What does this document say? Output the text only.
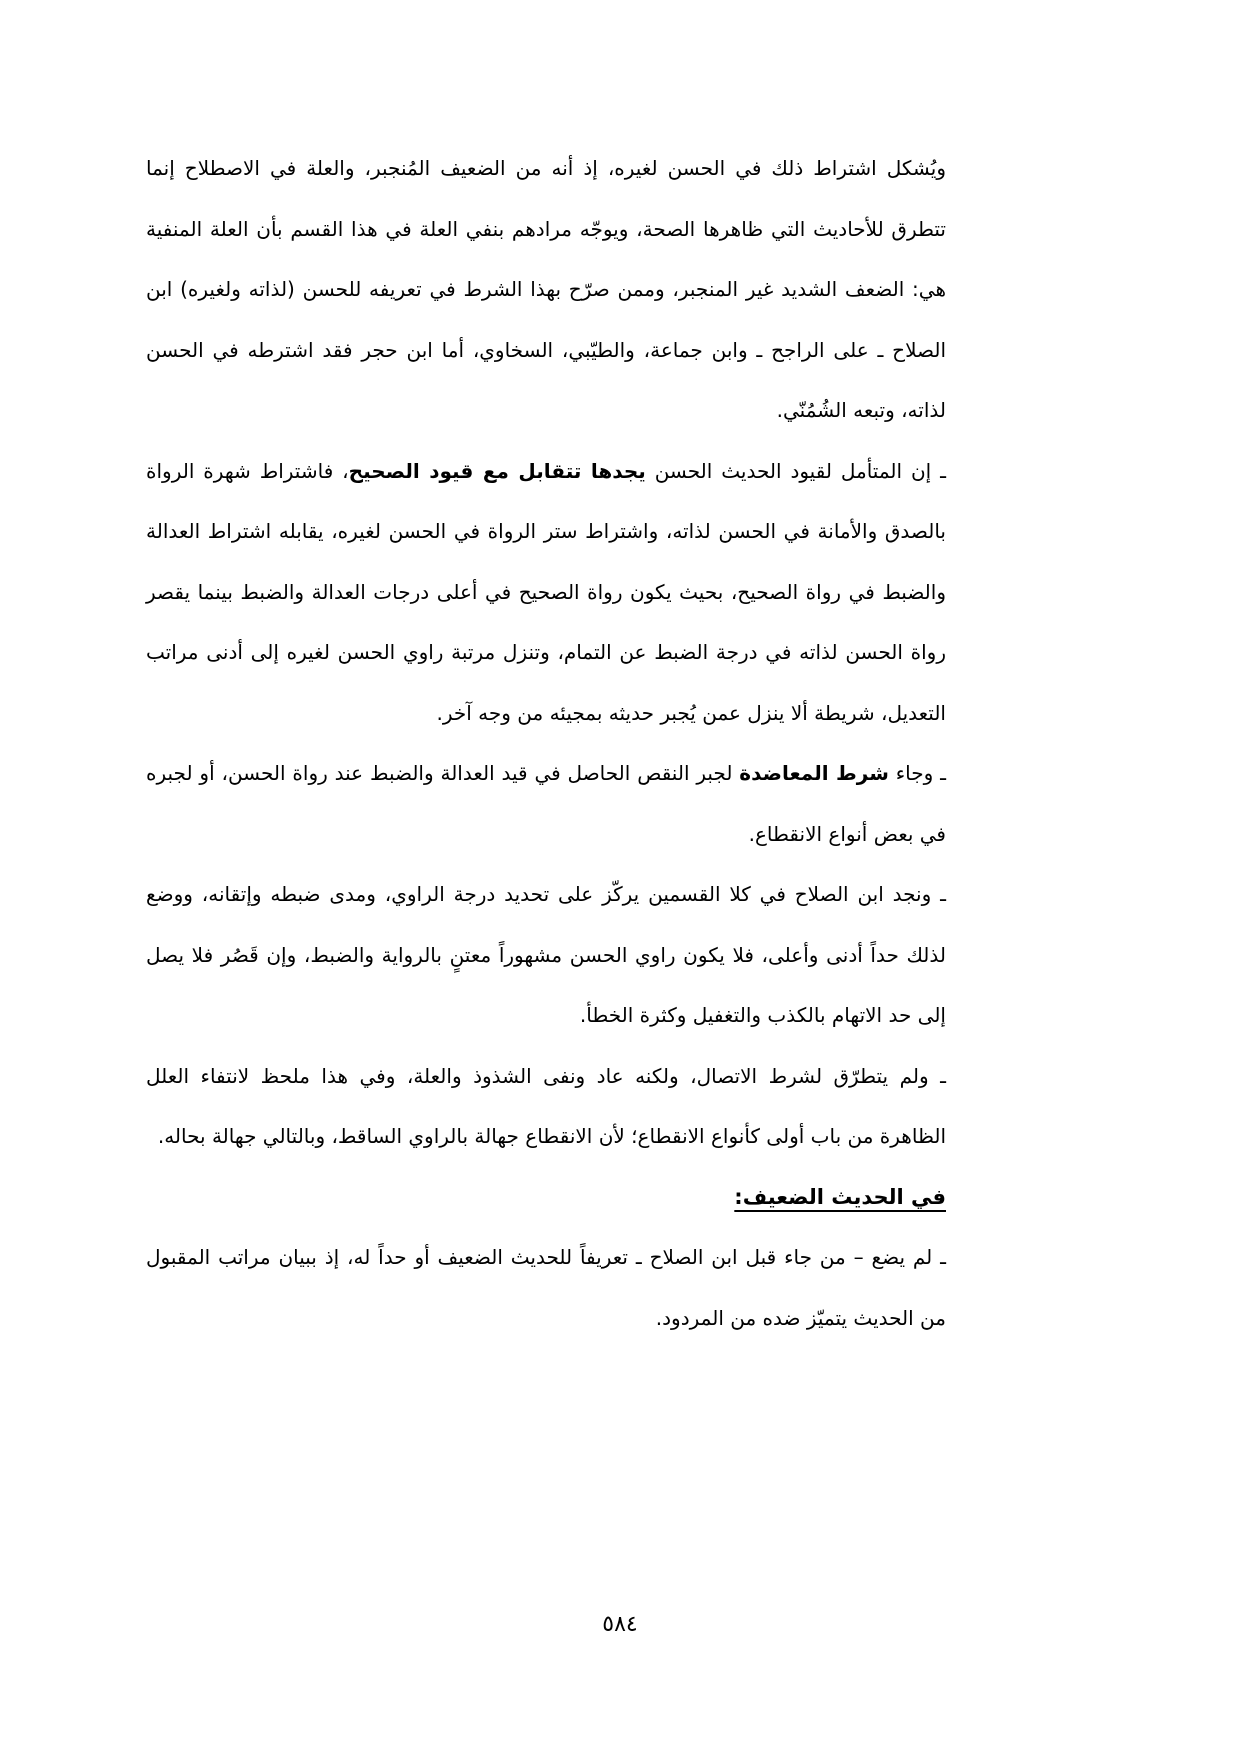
ويُشكل اشتراط ذلك في الحسن لغيره، إذ أنه من الضعيف المُنجبر، والعلة في الاصطلاح إنما تتطرق للأحاديث التي ظاهرها الصحة، ويوجّه مرادهم بنفي العلة في هذا القسم بأن العلة المنفية هي: الضعف الشديد غير المنجبر، وممن صرّح بهذا الشرط في تعريفه للحسن (لذاته ولغيره) ابن الصلاح ـ على الراجح ـ وابن جماعة، والطيّبي، السخاوي، أما ابن حجر فقد اشترطه في الحسن لذاته، وتبعه الشُمُنّي.

ـ إن المتأمل لقيود الحديث الحسن يجدها تتقابل مع قيود الصحيح، فاشتراط شهرة الرواة بالصدق والأمانة في الحسن لذاته، واشتراط ستر الرواة في الحسن لغيره، يقابله اشتراط العدالة والضبط في رواة الصحيح، بحيث يكون رواة الصحيح في أعلى درجات العدالة والضبط بينما يقصر رواة الحسن لذاته في درجة الضبط عن التمام، وتنزل مرتبة راوي الحسن لغيره إلى أدنى مراتب التعديل، شريطة ألا ينزل عمن يُجبر حديثه بمجيئه من وجه آخر.

ـ وجاء شرط المعاضدة لجبر النقص الحاصل في قيد العدالة والضبط عند رواة الحسن، أو لجبره في بعض أنواع الانقطاع.

ـ ونجد ابن الصلاح في كلا القسمين يركّز على تحديد درجة الراوي، ومدى ضبطه وإتقانه، ووضع لذلك حداً أدنى وأعلى، فلا يكون راوي الحسن مشهوراً معتنٍ بالرواية والضبط، وإن قَصُر فلا يصل إلى حد الاتهام بالكذب والتغفيل وكثرة الخطأ.

ـ ولم يتطرّق لشرط الاتصال، ولكنه عاد ونفى الشذوذ والعلة، وفي هذا ملحظ لانتفاء العلل الظاهرة من باب أولى كأنواع الانقطاع؛ لأن الانقطاع جهالة بالراوي الساقط، وبالتالي جهالة بحاله.

في الحديث الضعيف:

ـ لم يضع – من جاء قبل ابن الصلاح ـ تعريفاً للحديث الضعيف أو حداً له، إذ ببيان مراتب المقبول من الحديث يتميّز ضده من المردود.

٥٨٤
